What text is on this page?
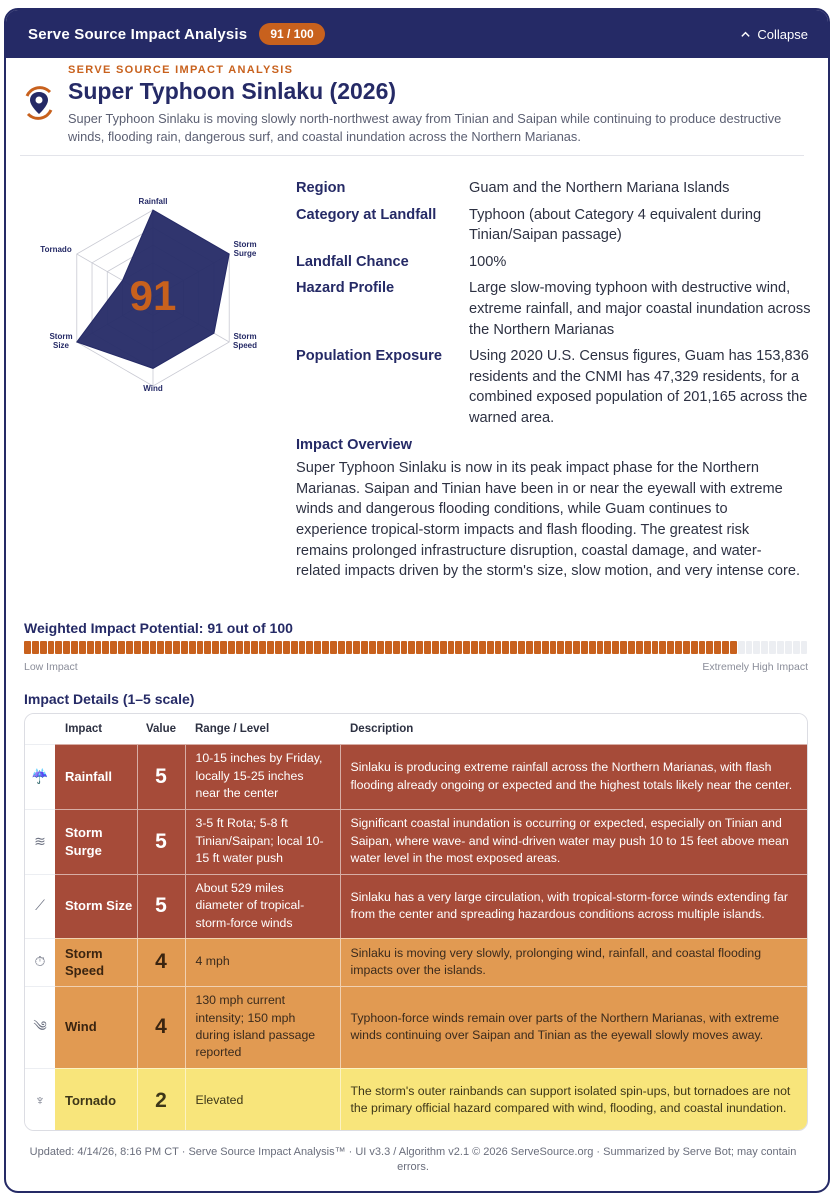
Serve Source Impact Analysis	91 / 100	Collapse
SERVE SOURCE IMPACT ANALYSIS
Super Typhoon Sinlaku (2026)
Super Typhoon Sinlaku is moving slowly north-northwest away from Tinian and Saipan while continuing to produce destructive winds, flooding rain, dangerous surf, and coastal inundation across the Northern Marianas.
91
Rainfall
Storm
Surge
Storm
Speed
Wind
Storm
Size
Tornado
Region	Guam and the Northern Mariana Islands
Category at Landfall	Typhoon (about Category 4 equivalent during Tinian/Saipan passage)
Landfall Chance	100%
Hazard Profile	Large slow-moving typhoon with destructive wind, extreme rainfall, and major coastal inundation across the Northern Marianas
Population Exposure	Using 2020 U.S. Census figures, Guam has 153,836 residents and the CNMI has 47,329 residents, for a combined exposed population of 201,165 across the warned area.
Impact Overview
Super Typhoon Sinlaku is now in its peak impact phase for the Northern Marianas. Saipan and Tinian have been in or near the eyewall with extreme winds and dangerous flooding conditions, while Guam continues to experience tropical-storm impacts and flash flooding. The greatest risk remains prolonged infrastructure disruption, coastal damage, and water-related impacts driven by the storm's size, slow motion, and very intense core.
Weighted Impact Potential: 91 out of 100
Low Impact	Extremely High Impact
Impact Details (1–5 scale)
	Impact	Value	Range / Level	Description
☔	Rainfall	5	10-15 inches by Friday, locally 15-25 inches near the center	Sinlaku is producing extreme rainfall across the Northern Marianas, with flash flooding already ongoing or expected and the highest totals likely near the center.
≋	Storm Surge	5	3-5 ft Rota; 5-8 ft Tinian/Saipan; local 10-15 ft water push	Significant coastal inundation is occurring or expected, especially on Tinian and Saipan, where wave- and wind-driven water may push 10 to 15 feet above mean water level in the most exposed areas.
⟋	Storm Size	5	About 529 miles diameter of tropical-storm-force winds	Sinlaku has a very large circulation, with tropical-storm-force winds extending far from the center and spreading hazardous conditions across multiple islands.
⏱	Storm Speed	4	4 mph	Sinlaku is moving very slowly, prolonging wind, rainfall, and coastal flooding impacts over the islands.
༄	Wind	4	130 mph current intensity; 150 mph during island passage reported	Typhoon-force winds remain over parts of the Northern Marianas, with extreme winds continuing over Saipan and Tinian as the eyewall slowly moves away.
♆	Tornado	2	Elevated	The storm's outer rainbands can support isolated spin-ups, but tornadoes are not the primary official hazard compared with wind, flooding, and coastal inundation.
Updated: 4/14/26, 8:16 PM CT · Serve Source Impact Analysis™ · UI v3.3 / Algorithm v2.1 © 2026 ServeSource.org · Summarized by Serve Bot; may contain errors.
